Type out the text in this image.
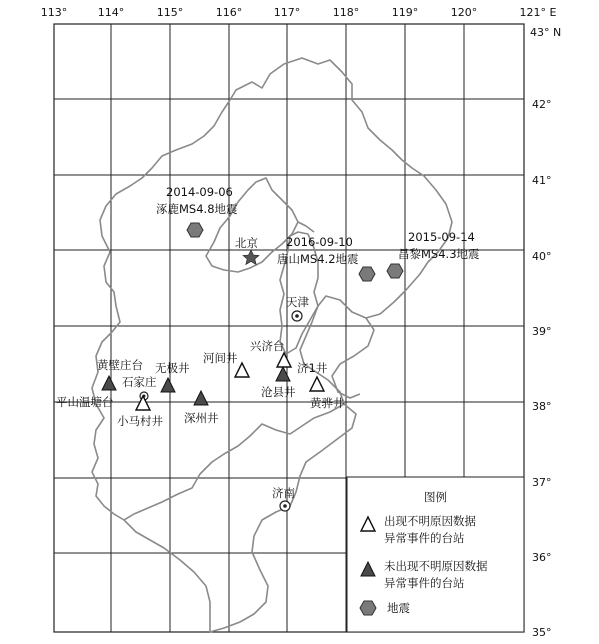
113°	114°	115°	116°	117°	118°	119°	120°	121° E
43° N
42°
41°
40°
39°
38°
37°
36°
35°
北京
天津
济南
石家庄
2014-09-06
涿鹿MS4.8地震
2016-09-10
唐山MS4.2地震
2015-09-14
昌黎MS4.3地震
黄壁庄台 无极井
深州井
沧县井
平山温塘台	黄骅井
小马村井
河间井
兴济台
济1井
图例
出现不明原因数据
异常事件的台站
未出现不明原因数据
异常事件的台站
地震
